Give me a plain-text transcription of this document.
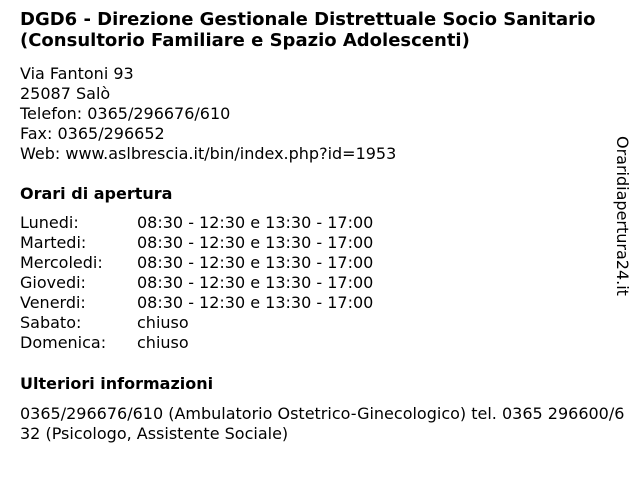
DGD6 - Direzione Gestionale Distrettuale Socio Sanitario (Consultorio Familiare e Spazio Adolescenti)
Via Fantoni 93
25087 Salò
Telefon: 0365/296676/610
Fax: 0365/296652
Web: www.aslbrescia.it/bin/index.php?id=1953
Orari di apertura
Lunedi:	08:30 - 12:30 e 13:30 - 17:00
Martedi:	08:30 - 12:30 e 13:30 - 17:00
Mercoledi:	08:30 - 12:30 e 13:30 - 17:00
Giovedi:	08:30 - 12:30 e 13:30 - 17:00
Venerdi:	08:30 - 12:30 e 13:30 - 17:00
Sabato:	chiuso
Domenica:	chiuso
Ulteriori informazioni
0365/296676/610 (Ambulatorio Ostetrico-Ginecologico) tel. 0365 296600/632 (Psicologo, Assistente Sociale)
Oraridiapertura24.it
